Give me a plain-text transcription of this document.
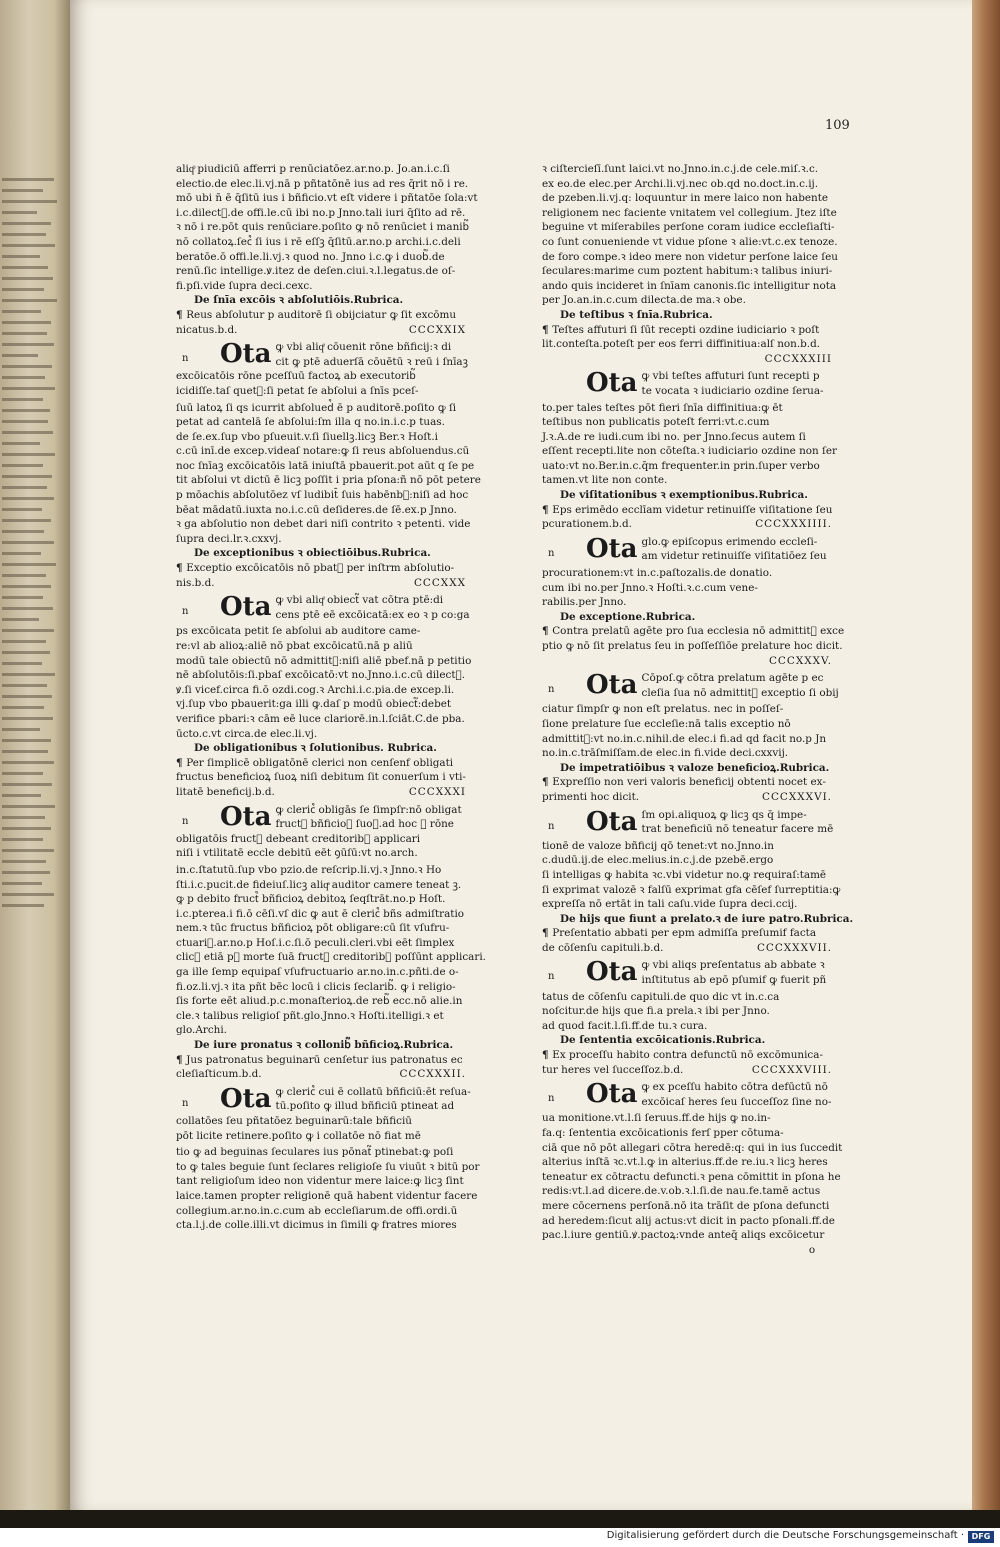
109
aliqͦ piudiciū afferri p renūciatōez.ar.no.p. Jo.an.i.c.ſi
electio.de elec.li.vj.nā p pñtatōnē ius ad res q̄rit nō i re.
mō ubi n̄ ē q̄ſitū ius i bñficio.vt eſt videre i pñtatōe ſola:vt
i.c.dilect᷑.de offi.le.cū ibi no.p Jnno.tali iuri q̄ſito ad rē.
ꝛ nō i re.pōt quis renūciare.poſito ꝙ nō renūciet i manib᷑
nō collatoꝝ.ſec᷒ ſi ius i rē eſſꝫ q̄ſitū.ar.no.p archi.i.c.deli
beratōe.ō offi.le.li.vj.ꝛ quod no. Jnno i.c.ꝙ i duob᷑.de
renū.ſic intellige.ꝟ.itez de deſen.ciui.ꝛ.l.legatus.de oſ-
fi.pſi.vide ſupra deci.cexc.
De ſnīa excōis ꝛ abſolutiōis.Rubrica.
¶ Reus abſolutur p auditorē ſi obijciatur ꝙ ſit excōmu
nicatus.b.d.	CCCXXIX
n Ota ꝙ vbi aliqͤ cōuenit rōne bñficij:ꝛ di
cit ꝙ ptē aduerſā cōuētū ꝛ reū i ſnīaꝫ
excōicatōis rōne pceſſuū factoꝝ ab executorib᷑
icidiſſe.taſ quet᷑:ſi petat ſe abſolui a ſnīs pceſ-
ſuū latoꝝ ſi qs icurrit abſolued᷒ ē p auditorē.poſito ꝙ ſi
petat ad cantelā ſe abſolui:ſm illa q no.in.i.c.p tuas.
de ſe.ex.ſup vbo pſueuit.v.ſi ſiuellꝫ.licꝫ Ber.ꝛ Hoſt.i
c.cū inī.de excep.videaſ notare:ꝙ ſi reus abſoluendus.cū
noc ſnīaꝫ excōicatōis latā iniuſtā pbauerit.pot aūt q ſe pe
tit abſolui vt dictū ē licꝫ poſſit i pria pſona:ñ nō pōt petere
p mōachis abſolutōez vſ ludibit̄ ſuis habēnb᷑:niſi ad hoc
bēat mādatū.iuxta no.i.c.cū deſideres.de ſē.ex.p Jnno.
ꝛ ga abſolutio non debet dari niſi contrito ꝛ petenti. vide
ſupra deci.lr.ꝛ.cxxvj.
De exceptionibus ꝛ obiectiōibus.Rubrica.
¶ Exceptio excōicatōis nō pbat᷑ per inſtrm abſolutio-
nis.b.d.	CCCXXX
n Ota ꝙ vbi aliqͤ obiect᷑ vat cōtra ptē:di
cens ptē eē excōicatā:ex eo ꝛ p co:ga
ps excōicata petit ſe abſolui ab auditore came-
re:vl ab alioꝝ:aliē nō pbat excōicatū.nā p aliū
modū tale obiectū nō admittit᷑:niſi aliē pbef.nā p petitio
nē abſolutōis:ſi.pbaſ excōicatō:vt no.Jnno.i.c.cū dilect᷑.
ꝟ.ſi vicef.circa fi.ō ozdi.cog.ꝛ Archi.i.c.pia.de excep.li.
vj.ſup vbo pbauerit:ga illi ꝙ.daſ p modū obiect᷑:debet
verifice pbari:ꝛ cām eē luce clariorē.in.l.ſciāt.C.de pba.
ūcto.c.vt circa.de elec.li.vj.
De obligationibus ꝛ ſolutionibus. Rubrica.
¶ Per ſimplicē obligatōnē clerici non cenſenf obligati
fructus beneficioꝝ ſuoꝝ niſi debitum ſit conuerſum i vti-
litatē beneficij.b.d.	CCCXXXI
n Ota ꝙ cleric᷒ obligās ſe ſimpſr:nō obligat
fruct᷒ bñficioꝝ ſuoꝝ.ad hoc ꝙ rōne
obligatōis fruct᷒ debeant creditorib᷑ applicari
niſi i vtilitatē eccle debitū eēt ꝯūſū:vt no.arch.
in.c.ſtatutū.ſup vbo pzio.de reſcrip.li.vj.ꝛ Jnno.ꝛ Ho
ſti.i.c.pucit.de fideiuſ.licꝫ aliqͣ auditor camere teneat ꝫ.
ꝙ p debito fruct᷒ bñficioꝝ debitoꝝ ſeqſtrāt.no.p Hoſt.
i.c.pterea.i fi.ō cēſi.vſ dic ꝙ aut ē cleric᷒ bñs admiſtratio
nem.ꝛ tūc fructus bñficioꝝ pōt obligare:cū ſit vſufru-
ctuari᷒.ar.no.p Hoſ.i.c.ſi.ō peculi.cleri.vbi eēt ſimplex
clic᷒ etiā p᷒ morte ſuā fruct᷒ creditorib᷑ poſſūnt applicari.
ga ille ſemp equipaſ vſufructuario ar.no.in.c.pñti.de o-
fi.oz.li.vj.ꝛ ita pñt bēc locū i clicis ſeclarib᷑. ꝙ i religio-
ſis forte eēt aliud.p.c.monaſterioꝝ.de reb᷑ ecc.nō alie.in
cle.ꝛ talibus religioſ pñt.glo.Jnno.ꝛ Hoſti.itelligi.ꝛ et
glo.Archi.
De iure pronatus ꝛ collonib᷑ bñficioꝝ.Rubrica.
¶ Jus patronatus beguinarū cenſetur ius patronatus ec
cleſiaſticum.b.d.	CCCXXXII.
n Ota ꝙ cleric᷒ cui ē collatū bñficiū:ēt reſua-
tū.poſito ꝙ illud bñficiū ptineat ad
collatōes ſeu pñtatōez beguinarū:tale bñficiū
pōt licite retinere.poſito ꝙ i collatōe nō fiat mē
tio ꝙ ad beguinas ſeculares ius pōnat᷑ ptinebat:ꝙ poſi
to ꝙ tales beguie ſunt ſeclares religioſe ſu viuūt ꝛ bitū por
tant religioſum ideo non videntur mere laice:ꝙ licꝫ ſint
laice.tamen propter religionē quā habent videntur facere
collegium.ar.no.in.c.cum ab eccleſiarum.de offi.ordi.ū
cta.l.j.de colle.illi.vt dicimus in ſimili ꝙ fratres miores
ꝛ ciſtercieſī.ſunt laici.vt no.Jnno.in.c.j.de cele.miſ.ꝛ.c.
ex eo.de elec.per Archi.li.vj.nec ob.qd no.doct.in.c.ij.
de pzeben.li.vj.q: loquuntur in mere laico non habente
religionem nec faciente vnitatem vel collegium. Jtez iſte
beguine vt miſerabiles perſone coram iudice eccleſiaſti-
co ſunt conueniende vt vidue pſone ꝛ alie:vt.c.ex tenoze.
de foro compe.ꝛ ideo mere non videtur perſone laice ſeu
ſeculares:marime cum poztent habitum:ꝛ talibus iniuri-
ando quis incideret in ſnīam canonis.ſic intelligitur nota
per Jo.an.in.c.cum dilecta.de ma.ꝛ obe.
De teſtibus ꝛ ſnīa.Rubrica.
¶ Teſtes affuturi ſi ſūt recepti ozdine iudiciario ꝛ poſt
lit.conteſta.poteſt per eos ferri diffinitiua:alſ non.b.d.
CCCXXXIII
Ota ꝙ vbi teſtes affuturi ſunt recepti p
te vocata ꝛ iudiciario ozdine ſerua-
to.per tales teſtes pōt fieri ſnīa diffinitiua:ꝙ ēt
teſtibus non publicatis poteſt ferri:vt.c.cum
J.ꝛ.A.de re iudi.cum ibi no. per Jnno.ſecus autem ſi
eſſent recepti.lite non cōteſta.ꝛ iudiciario ozdine non ſer
uato:vt no.Ber.in.c.q̄m frequenter.in prin.ſuper verbo
tamen.vt lite non conte.
De viſitationibus ꝛ exemptionibus.Rubrica.
¶ Eps erimēdo ecclīam videtur retinuiſſe viſitatione ſeu
pcurationem.b.d.	CCCXXXIIII.
n Ota glo.ꝙ epiſcopus erimendo eccleſi-
am videtur retinuiſſe viſitatiōez ſeu
procurationem:vt in.c.paſtozalis.de donatio.
cum ibi no.per Jnno.ꝛ Hoſti.ꝛ.c.cum vene-
rabilis.per Jnno.
De exceptione.Rubrica.
¶ Contra prelatū agēte pro ſua ecclesia nō admittit᷑ exce
ptio ꝙ nō ſit prelatus ſeu in poſſeſſiōe prelature hoc dicit.
CCCXXXV.
n Ota Cōpoſ.ꝙ cōtra prelatum agēte p ec
cleſia ſua nō admittit᷑ exceptio ſi obij
ciatur ſimpſr ꝙ non eſt prelatus. nec in poſſeſ-
ſione prelature ſue eccleſie:nā talis exceptio nō
admittit᷑:vt no.in.c.nihil.de elec.i fi.ad qd facit no.p Jn
no.in.c.trāſmiſſam.de elec.in fi.vide deci.cxxvij.
De impetratiōibus ꝛ valoze beneficioꝝ.Rubrica.
¶ Expreſſio non veri valoris beneficij obtenti nocet ex-
primenti hoc dicit.	CCCXXXVI.
n Ota ſm opi.aliquoꝝ ꝙ licꝫ qs q̄ impe-
trat beneficiū nō teneatur facere mē
tionē de valoze bñficij qō tenet:vt no.Jnno.in
c.dudū.ij.de elec.melius.in.c.j.de pzebē.ergo
ſi intelligas ꝙ habita ꝛc.vbi videtur no.ꝙ requiraſ:tamē
ſi exprimat valozē ꝛ falſū exprimat gfa cēſef ſurreptitia:ꝙ
expreſſa nō ertāt in tali caſu.vide ſupra deci.ccij.
De hijs que fiunt a prelato.ꝛ de iure patro.Rubrica.
¶ Preſentatio abbati per epm admiſſa preſumif facta
de cōſenſu capituli.b.d.	CCCXXXVII.
n Ota ꝙ vbi aliqs preſentatus ab abbate ꝛ
inſtitutus ab epō pſumif ꝙ fuerit pñ
tatus de cōſenſu capituli.de quo dic vt in.c.ca
noſcitur.de hijs que fi.a prela.ꝛ ibi per Jnno.
ad quod facit.l.ſi.ff.de tu.ꝛ cura.
De ſententia excōicationis.Rubrica.
¶ Ex proceſſu habito contra defunctū nō excōmunica-
tur heres vel ſucceſſoz.b.d.	CCCXXXVIII.
n Ota ꝙ ex pceſſu habito cōtra defūctū nō
excōicaſ heres ſeu ſucceſſoz ſine no-
ua monitione.vt.l.ſi ſeruus.ff.de hijs ꝙ no.in-
fa.q: ſententia excōicationis ferſ pper cōtuma-
ciā que nō pōt allegari cōtra heredē:q: qui in ius ſuccedit
alterius inſtā ꝛc.vt.l.ꝙ in alterius.ff.de re.iu.ꝛ licꝫ heres
teneatur ex cōtractu defuncti.ꝛ pena cōmittit in pſona he
redis:vt.l.ad dicere.de.v.ob.ꝛ.l.ſi.de nau.fe.tamē actus
mere cōcernens perſonā.nō ita trāſit de pſona defuncti
ad heredem:ſicut alij actus:vt dicit in pacto pſonali.ff.de
pac.l.iure gentiū.ꝟ.pactoꝝ:vnde anteq̄ aliqs excōicetur
o
Digitalisierung gefördert durch die Deutsche Forschungsgemeinschaft · DFG
